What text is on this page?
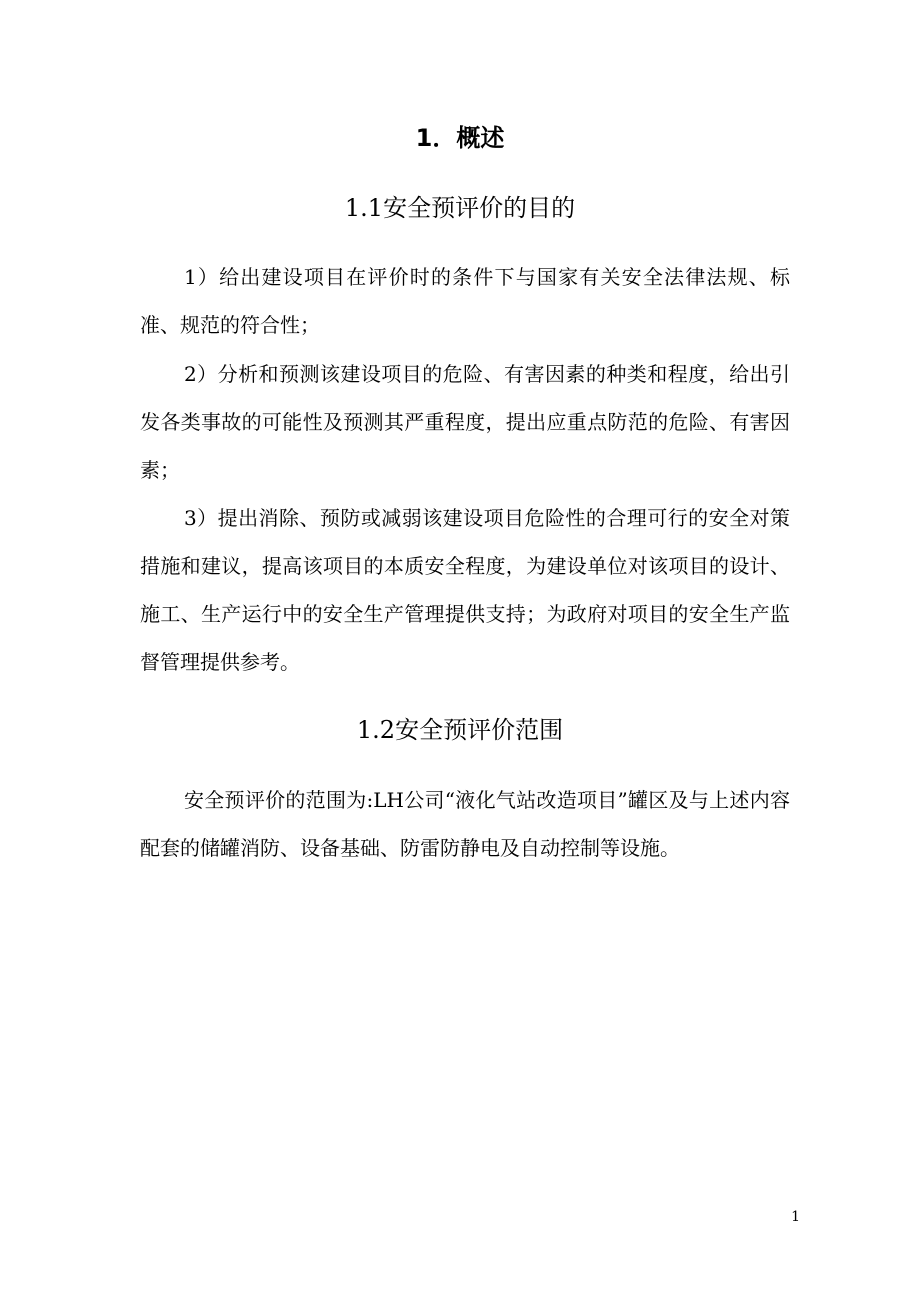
1．概述
1.1安全预评价的目的

1）给出建设项目在评价时的条件下与国家有关安全法律法规、标准、规范的符合性；

2）分析和预测该建设项目的危险、有害因素的种类和程度，给出引发各类事故的可能性及预测其严重程度，提出应重点防范的危险、有害因素；

3）提出消除、预防或减弱该建设项目危险性的合理可行的安全对策措施和建议，提高该项目的本质安全程度，为建设单位对该项目的设计、施工、生产运行中的安全生产管理提供支持；为政府对项目的安全生产监督管理提供参考。

1.2安全预评价范围

安全预评价的范围为:LH公司“液化气站改造项目”罐区及与上述内容配套的储罐消防、设备基础、防雷防静电及自动控制等设施。

1
